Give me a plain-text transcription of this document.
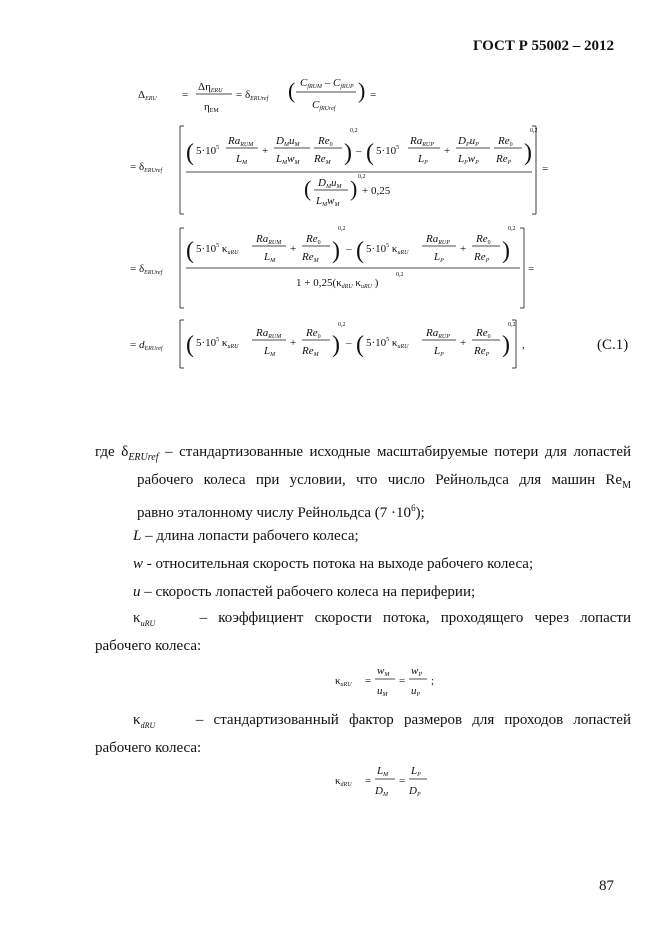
ГОСТ Р 55002 – 2012
ΔERU =
ΔηERU
ηEM
= δERUref ( CfRUM – CfRUP
CfRUref
) =
= δERUref
( $5\cdot 10^5$
RaRUM
LM
+
DMuM
LMwM
Re0
ReM )
0,2
– ( $5\cdot 10^5$
RaRUP
LP
+
DPuP
LPwP
Re0
ReP )
0,2
( DMuM
LMwM
) 0,2
+ 0,25
=
= δERUref
( $5\cdot 10^5$ κuRU
RaRUM
LM
+
Re0
ReM )
0,2
– ( $5\cdot 10^5$ κuRU
RaRUP
LP
+
Re0
ReP )
0,2
1 + 0,25(κdRU κuRU )
0,2	=
= dERUref ( $5\cdot 10^5$ κuRU
RaRUM
LM
+
Re0
ReM )
0,2
– ( $5\cdot 10^5$ κuRU
RaRUP
LP
+
Re0
ReP )
0,2
,	(C.1)
где $\delta_{ERUref}$ – стандартизованные исходные масштабируемые потери для лопастей
рабочего колеса при условии, что число Рейнольдса для машин $Re_M$
равно эталонному числу Рейнольдса $(7 \cdot 10^6)$;
L – длина лопасти рабочего колеса;
w - относительная скорость потока на выходе рабочего колеса;
u – скорость лопастей рабочего колеса на периферии;
$\kappa_{uRU}$	– коэффициент скорости потока, проходящего через лопасти
рабочего колеса:
κuRU =
wM
uM
=
wP
uP
;
$\kappa_{dRU}$	– стандартизованный фактор размеров для проходов лопастей
рабочего колеса:
κdRU =
LM
DM
=
LP
DP
87
